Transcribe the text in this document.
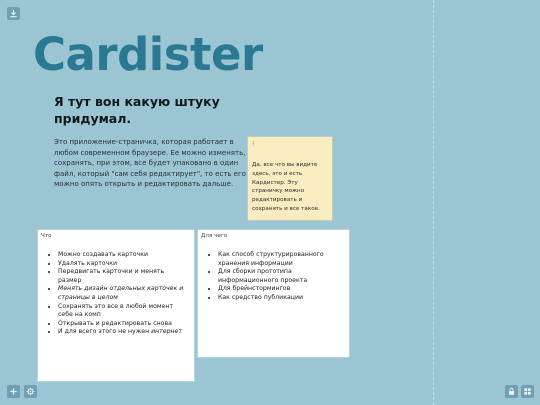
Cardister
Я тут вон какую штуку придумал.
Это приложение-страничка, которая работает в любом современном браузере. Ее можно изменять, сохранять, при этом, все будет упаковано в один файл, который "сам себя редактирует", то есть его можно опять открыть и редактировать дальше.
!
Да, все что вы видите здесь, это и есть Кардистер. Эту страничку можно редактировать и сохранять и все такое.
Что
• Можно создавать карточки
• Удалять карточки
• Передвигать карточки и менять размер
• Менять дизайн отдельных карточек и страницы в целом
• Сохранять это все в любой момент себе на комп
• Открывать и редактировать снова
• И для всего этого не нужен интернет
Для чего
• Как способ структурированного хранения информации
• Для сборки прототипа информационного проекта
• Для брейнстормингов
• Как средство публикации
